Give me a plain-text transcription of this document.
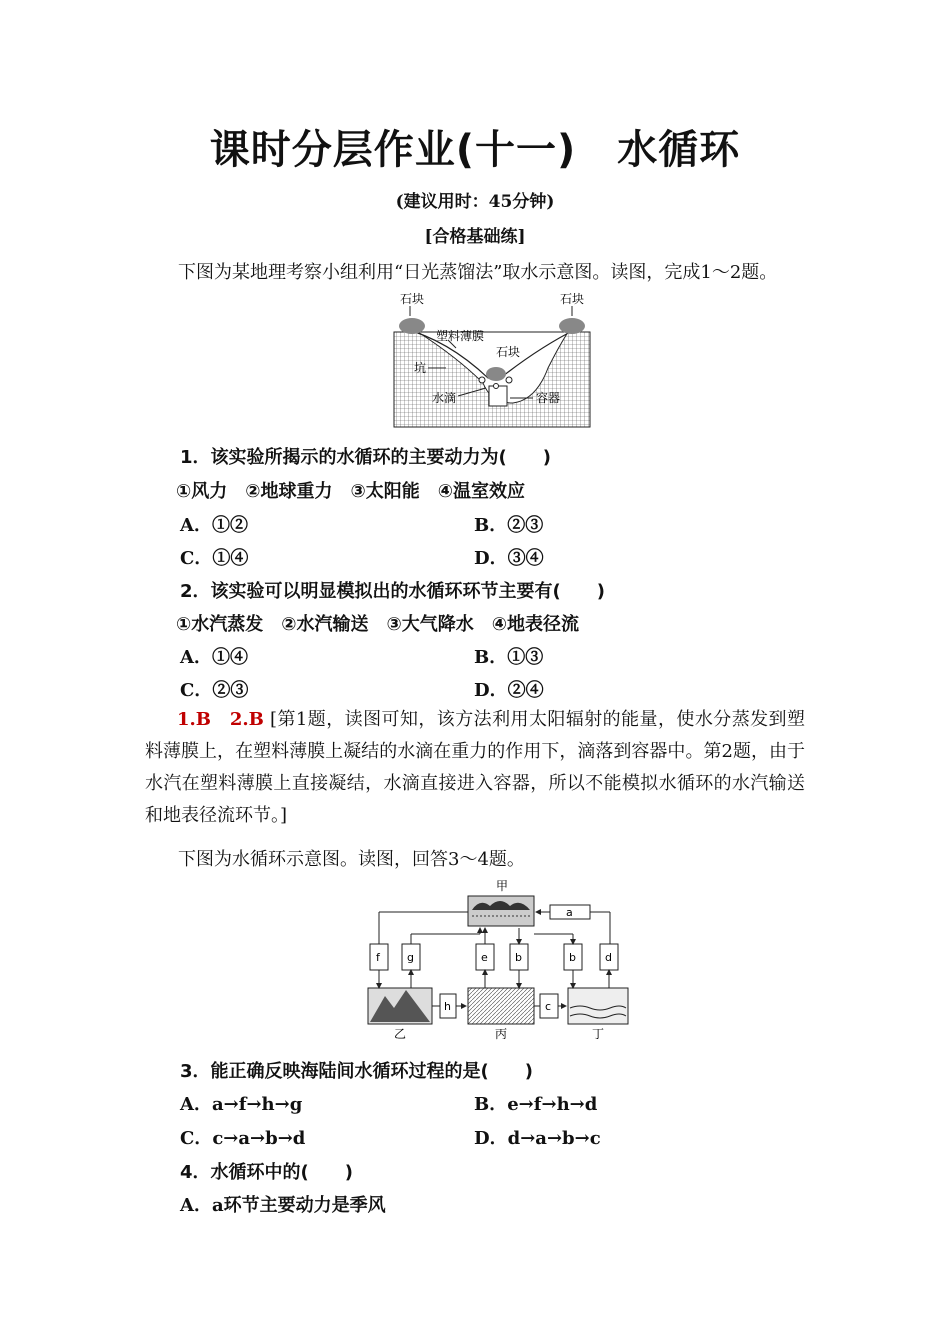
课时分层作业(十一)　水循环
(建议用时：45分钟)
[合格基础练]
下图为某地理考察小组利用“日光蒸馏法”取水示意图。读图，完成1～2题。
石块	石块
塑料薄膜
石块
坑
水滴	容器
1．该实验所揭示的水循环的主要动力为(　　)
①风力　②地球重力　③太阳能　④温室效应
A．①②	B．②③
C．①④	D．③④
2．该实验可以明显模拟出的水循环环节主要有(　　)
①水汽蒸发　②水汽输送　③大气降水　④地表径流
A．①④	B．①③
C．②③	D．②④
1.B　2.B [第1题，读图可知，该方法利用太阳辐射的能量，使水分蒸发到塑料薄膜上，在塑料薄膜上凝结的水滴在重力的作用下，滴落到容器中。第2题，由于水汽在塑料薄膜上直接凝结，水滴直接进入容器，所以不能模拟水循环的水汽输送和地表径流环节。]
下图为水循环示意图。读图，回答3～4题。
甲
a
f g	e b	b	d
h	c
乙	丙	丁
3．能正确反映海陆间水循环过程的是(　　)
A．a→f→h→g	B．e→f→h→d
C．c→a→b→d	D．d→a→b→c
4．水循环中的(　　)
A．a环节主要动力是季风
